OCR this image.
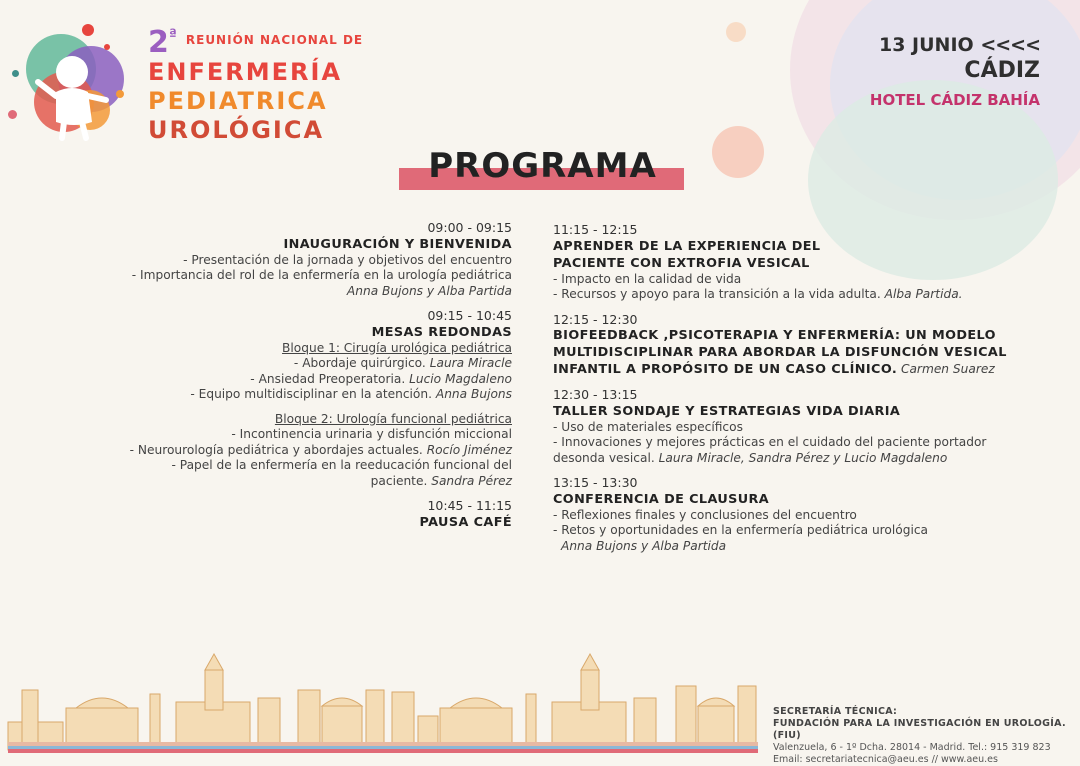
2ª $^{REUNIÓN NACIONAL DE}$
ENFERMERÍA
PEDIATRICA
UROLÓGICA
13 JUNIO <<<<
CÁDIZ
HOTEL CÁDIZ BAHÍA
PROGRAMA
09:00 - 09:15
INAUGURACIÓN Y BIENVENIDA
- Presentación de la jornada y objetivos del encuentro
- Importancia del rol de la enfermería en la urología pediátrica
Anna Bujons y Alba Partida
09:15 - 10:45
MESAS REDONDAS
Bloque 1: Cirugía urológica pediátrica
- Abordaje quirúrgico. Laura Miracle
- Ansiedad Preoperatoria. Lucio Magdaleno
- Equipo multidisciplinar en la atención. Anna Bujons
Bloque 2: Urología funcional pediátrica
- Incontinencia urinaria y disfunción miccional
- Neurourología pediátrica y abordajes actuales. Rocío Jiménez
- Papel de la enfermería en la reeducación funcional del
paciente. Sandra Pérez
10:45 - 11:15
PAUSA CAFÉ
11:15 - 12:15
APRENDER DE LA EXPERIENCIA DEL
PACIENTE CON EXTROFIA VESICAL
- Impacto en la calidad de vida
- Recursos y apoyo para la transición a la vida adulta. Alba Partida.
12:15 - 12:30
BIOFEEDBACK ,PSICOTERAPIA Y ENFERMERÍA: UN MODELO
MULTIDISCIPLINAR PARA ABORDAR LA DISFUNCIÓN VESICAL
INFANTIL A PROPÓSITO DE UN CASO CLÍNICO. Carmen Suarez
12:30 - 13:15
TALLER SONDAJE Y ESTRATEGIAS VIDA DIARIA
- Uso de materiales específicos
- Innovaciones y mejores prácticas en el cuidado del paciente portador
desonda vesical. Laura Miracle, Sandra Pérez y Lucio Magdaleno
13:15 - 13:30
CONFERENCIA DE CLAUSURA
- Reflexiones finales y conclusiones del encuentro
- Retos y oportunidades en la enfermería pediátrica urológica
Anna Bujons y Alba Partida
SECRETARÍA TÉCNICA:
FUNDACIÓN PARA LA INVESTIGACIÓN EN UROLOGÍA. (FIU)
Valenzuela, 6 - 1º Dcha. 28014 - Madrid. Tel.: 915 319 823
Email: secretariatecnica@aeu.es // www.aeu.es
